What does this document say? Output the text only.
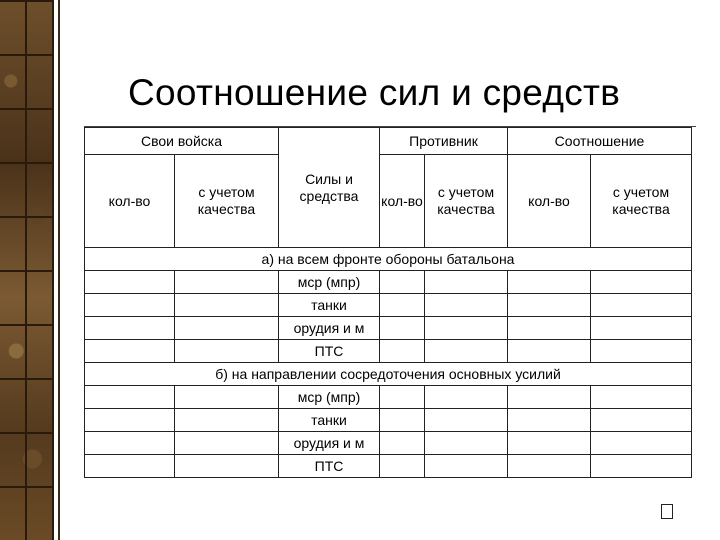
Соотношение сил и средств
Свои войска		Силы и средства	Противник		Соотношение	
кол-во	с учетом качества		кол-во	с учетом качества	кол-во	с учетом качества
а) на всем фронте обороны батальона						
		мср (мпр)				
		танки				
		орудия и м				
		ПТС				
б) на направлении сосредоточения основных усилий						
		мср (мпр)				
		танки				
		орудия и м				
		ПТС				
